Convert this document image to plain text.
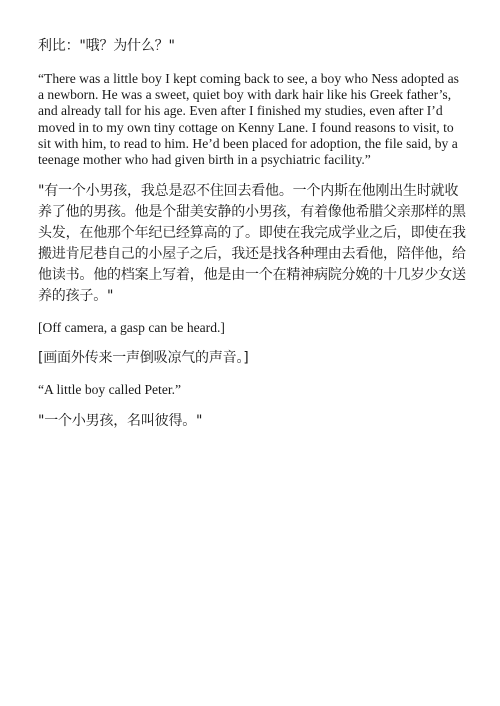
利比："哦？为什么？"

“There was a little boy I kept coming back to see, a boy who Ness adopted as a newborn. He was a sweet, quiet boy with dark hair like his Greek father’s, and already tall for his age. Even after I finished my studies, even after I’d moved in to my own tiny cottage on Kenny Lane. I found reasons to visit, to sit with him, to read to him. He’d been placed for adoption, the file said, by a teenage mother who had given birth in a psychiatric facility.”

"有一个小男孩，我总是忍不住回去看他。一个内斯在他刚出生时就收养了他的男孩。他是个甜美安静的小男孩，有着像他希腊父亲那样的黑头发，在他那个年纪已经算高的了。即使在我完成学业之后，即使在我搬进肯尼巷自己的小屋子之后，我还是找各种理由去看他，陪伴他，给他读书。他的档案上写着，他是由一个在精神病院分娩的十几岁少女送养的孩子。"

[Off camera, a gasp can be heard.]

[画面外传来一声倒吸凉气的声音。]

“A little boy called Peter.”

"一个小男孩，名叫彼得。"
